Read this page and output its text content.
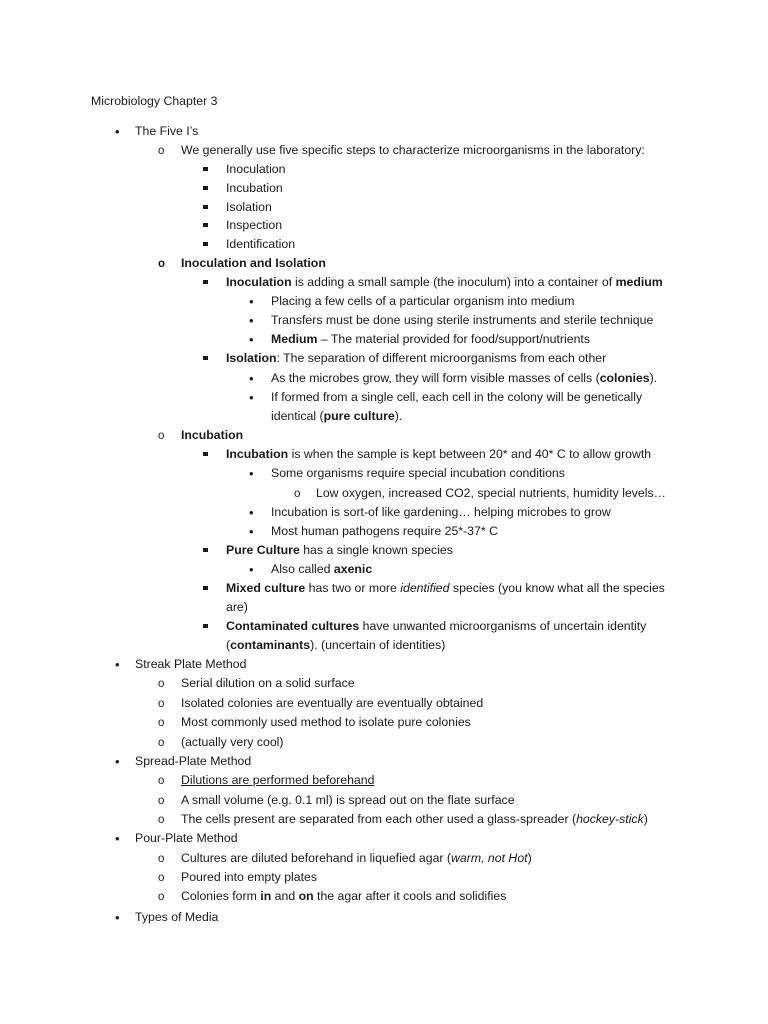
Microbiology Chapter 3
•
The Five I’s
o
We generally use five specific steps to characterize microorganisms in the laboratory:
Inoculation
Incubation
Isolation
Inspection
Identification
o
Inoculation and Isolation
Inoculation is adding a small sample (the inoculum) into a container of medium
•
Placing a few cells of a particular organism into medium
•
Transfers must be done using sterile instruments and sterile technique
•
Medium – The material provided for food/support/nutrients
Isolation: The separation of different microorganisms from each other
•
As the microbes grow, they will form visible masses of cells (colonies).
•
If formed from a single cell, each cell in the colony will be genetically
identical (pure culture).
o
Incubation
Incubation is when the sample is kept between 20* and 40* C to allow growth
•
Some organisms require special incubation conditions
o
Low oxygen, increased CO2, special nutrients, humidity levels…
•
Incubation is sort-of like gardening… helping microbes to grow
•
Most human pathogens require 25*-37* C
Pure Culture has a single known species
•
Also called axenic
Mixed culture has two or more identified species (you know what all the species
are)
Contaminated cultures have unwanted microorganisms of uncertain identity
(contaminants). (uncertain of identities)
•
Streak Plate Method
o
Serial dilution on a solid surface
o
Isolated colonies are eventually are eventually obtained
o
Most commonly used method to isolate pure colonies
o
(actually very cool)
•
Spread-Plate Method
o
Dilutions are performed beforehand
o
A small volume (e.g. 0.1 ml) is spread out on the flate surface
o
The cells present are separated from each other used a glass-spreader (hockey-stick)
•
Pour-Plate Method
o
Cultures are diluted beforehand in liquefied agar (warm, not Hot)
o
Poured into empty plates
o
Colonies form in and on the agar after it cools and solidifies
•
Types of Media
